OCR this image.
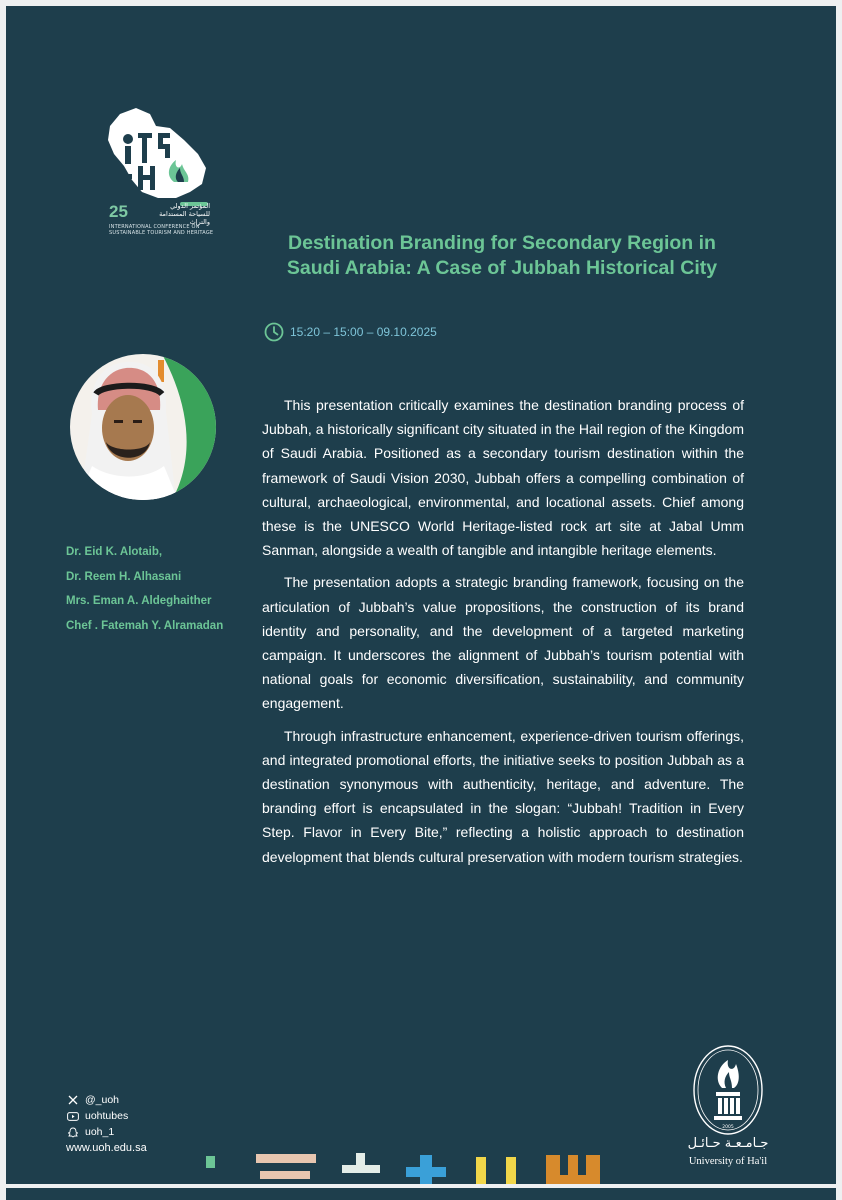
25	المؤتمر الدولي
للسياحة المستدامة والتراث
INTERNATIONAL CONFERENCE ON
SUSTAINABLE TOURISM AND HERITAGE	Destination Branding for Secondary Region in
Saudi Arabia: A Case of Jubbah Historical City
15:20 – 15:00 – 09.10.2025
Dr. Eid K. Alotaib,
Dr. Reem H. Alhasani
Mrs. Eman A. Aldeghaither
Chef . Fatemah Y. Alramadan

This presentation critically examines the destination branding process of Jubbah, a historically significant city situated in the Hail region of the Kingdom of Saudi Arabia. Positioned as a secondary tourism destination within the framework of Saudi Vision 2030, Jubbah offers a compelling combination of cultural, archaeological, environmental, and locational assets. Chief among these is the UNESCO World Heritage-listed rock art site at Jabal Umm Sanman, alongside a wealth of tangible and intangible heritage elements.

The presentation adopts a strategic branding framework, focusing on the articulation of Jubbah’s value propositions, the construction of its brand identity and personality, and the development of a targeted marketing campaign. It underscores the alignment of Jubbah’s tourism potential with national goals for economic diversification, sustainability, and community engagement.

Through infrastructure enhancement, experience-driven tourism offerings, and integrated promotional efforts, the initiative seeks to position Jubbah as a destination synonymous with authenticity, heritage, and adventure. The branding effort is encapsulated in the slogan: “Jubbah! Tradition in Every Step. Flavor in Every Bite,” reflecting a holistic approach to destination development that blends cultural preservation with modern tourism strategies.

@_uoh
uohtubes
uoh_1
www.uoh.edu.sa
2005
جـامـعـة حـائـل
University of Ha'il
